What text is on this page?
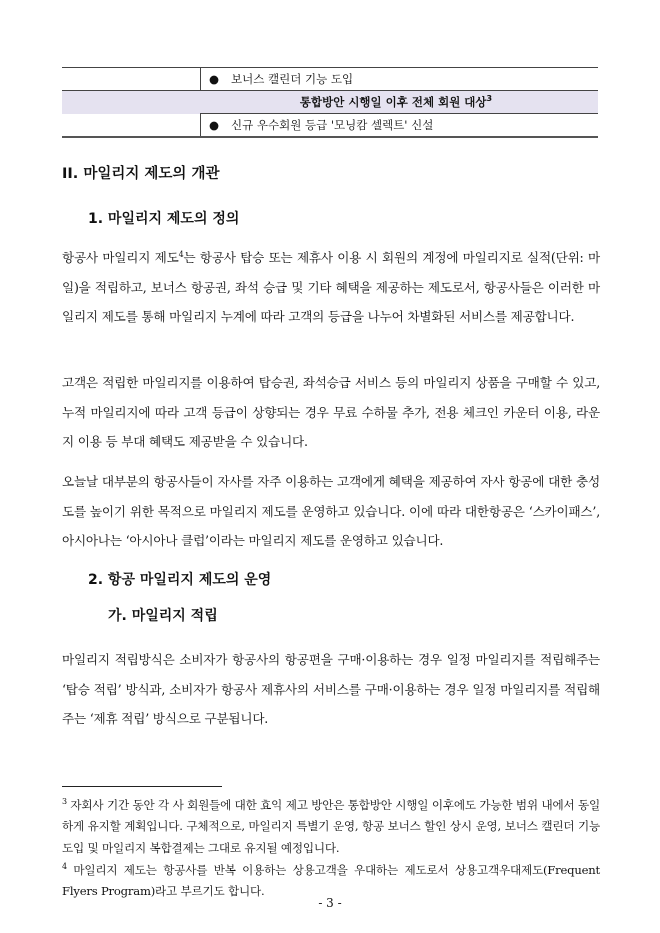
	● 보너스 캘린더 기능 도입
통합방안 시행일 이후 전체 회원 대상$^3$
	● 신규 우수회원 등급 '모닝캄 셀렉트' 신설
II. 마일리지 제도의 개관
1. 마일리지 제도의 정의
항공사 마일리지 제도$^4$는 항공사 탑승 또는 제휴사 이용 시 회원의 계정에 마일리지로 실적(단위: 마일)을 적립하고, 보너스 항공권, 좌석 승급 및 기타 혜택을 제공하는 제도로서, 항공사들은 이러한 마일리지 제도를 통해 마일리지 누계에 따라 고객의 등급을 나누어 차별화된 서비스를 제공합니다.
고객은 적립한 마일리지를 이용하여 탑승권, 좌석승급 서비스 등의 마일리지 상품을 구매할 수 있고, 누적 마일리지에 따라 고객 등급이 상향되는 경우 무료 수하물 추가, 전용 체크인 카운터 이용, 라운지 이용 등 부대 혜택도 제공받을 수 있습니다.
오늘날 대부분의 항공사들이 자사를 자주 이용하는 고객에게 혜택을 제공하여 자사 항공에 대한 충성도를 높이기 위한 목적으로 마일리지 제도를 운영하고 있습니다. 이에 따라 대한항공은 ‘스카이패스’, 아시아나는 ‘아시아나 클럽’이라는 마일리지 제도를 운영하고 있습니다.
2. 항공 마일리지 제도의 운영
가. 마일리지 적립
마일리지 적립방식은 소비자가 항공사의 항공편을 구매·이용하는 경우 일정 마일리지를 적립해주는 ‘탑승 적립’ 방식과, 소비자가 항공사 제휴사의 서비스를 구매·이용하는 경우 일정 마일리지를 적립해주는 ‘제휴 적립’ 방식으로 구분됩니다.
$^3$ 자회사 기간 동안 각 사 회원들에 대한 효익 제고 방안은 통합방안 시행일 이후에도 가능한 범위 내에서 동일하게 유지할 계획입니다. 구체적으로, 마일리지 특별기 운영, 항공 보너스 할인 상시 운영, 보너스 캘린더 기능 도입 및 마일리지 복합결제는 그대로 유지될 예정입니다.
$^4$ 마일리지 제도는 항공사를 반복 이용하는 상용고객을 우대하는 제도로서 상용고객우대제도(Frequent Flyers Program)라고 부르기도 합니다.
- 3 -
